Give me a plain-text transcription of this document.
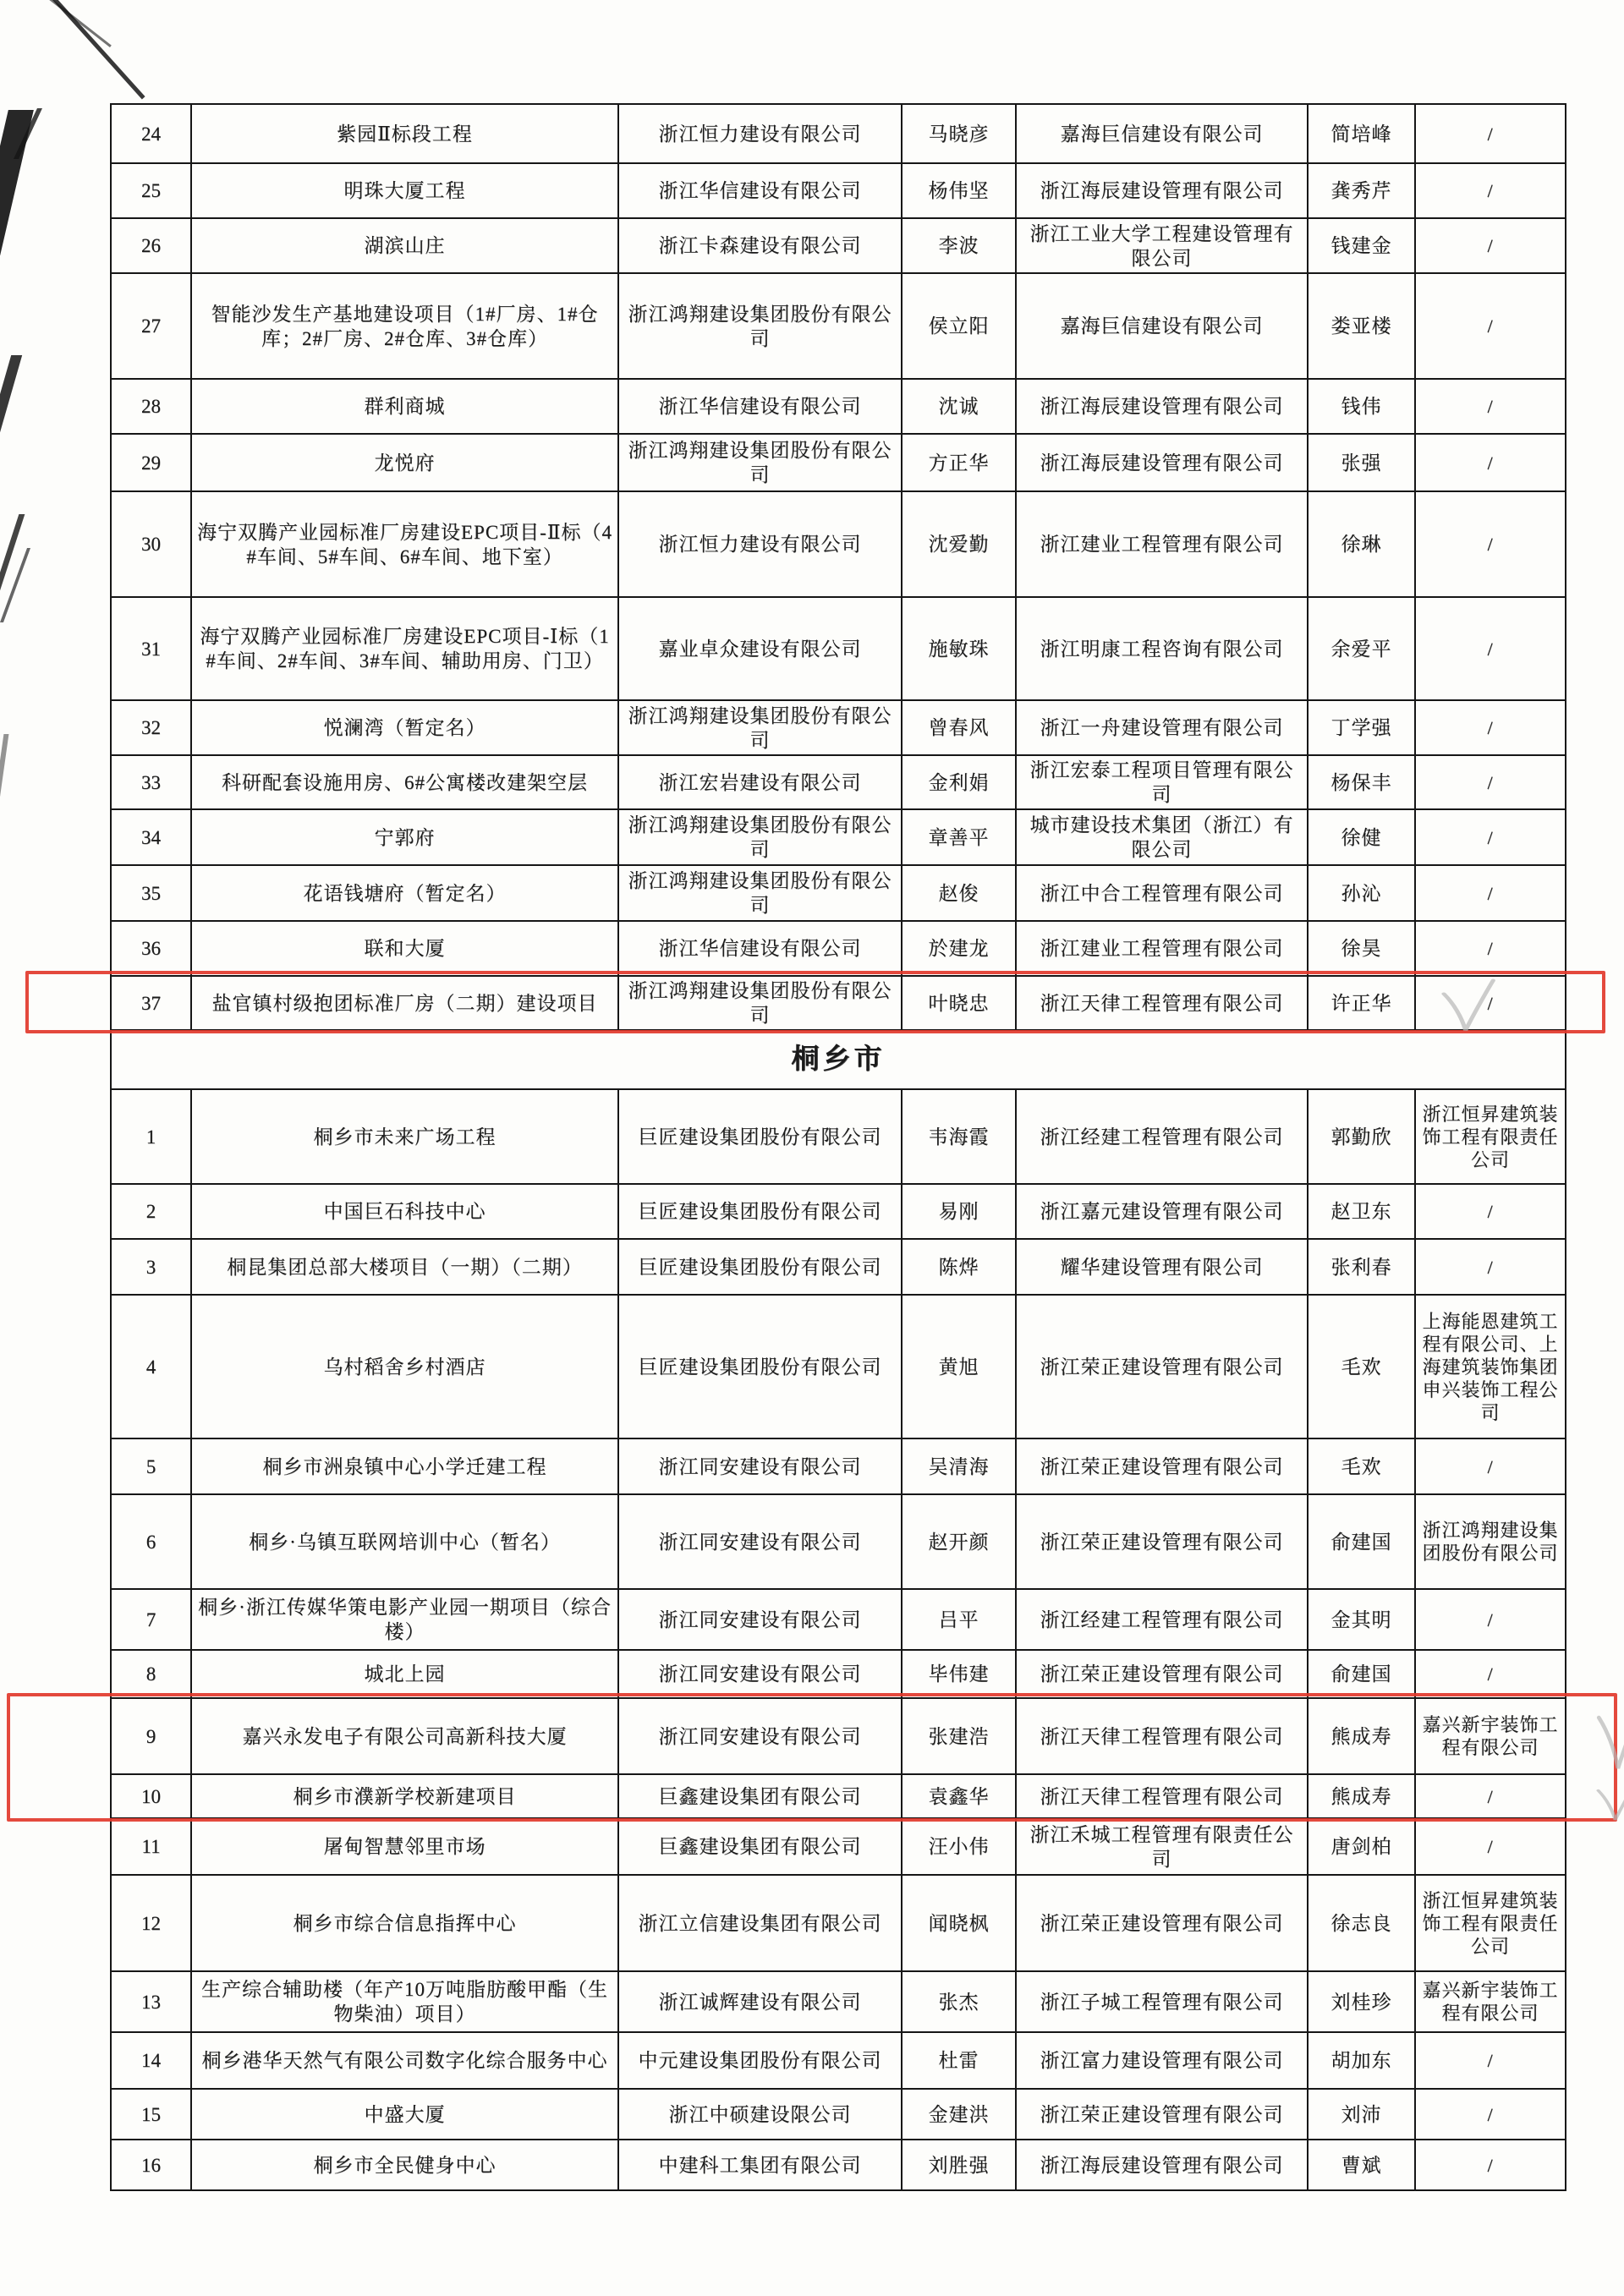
24	紫园Ⅱ标段工程	浙江恒力建设有限公司	马晓彦	嘉海巨信建设有限公司	简培峰	/
25	明珠大厦工程	浙江华信建设有限公司	杨伟坚	浙江海辰建设管理有限公司	龚秀芹	/
26	湖滨山庄	浙江卡森建设有限公司	李波	浙江工业大学工程建设管理有限公司	钱建金	/
27	智能沙发生产基地建设项目（1#厂房、1#仓库；2#厂房、2#仓库、3#仓库）	浙江鸿翔建设集团股份有限公司	侯立阳	嘉海巨信建设有限公司	娄亚楼	/
28	群利商城	浙江华信建设有限公司	沈诚	浙江海辰建设管理有限公司	钱伟	/
29	龙悦府	浙江鸿翔建设集团股份有限公司	方正华	浙江海辰建设管理有限公司	张强	/
30	海宁双腾产业园标准厂房建设EPC项目-Ⅱ标（4#车间、5#车间、6#车间、地下室）	浙江恒力建设有限公司	沈爱勤	浙江建业工程管理有限公司	徐琳	/
31	海宁双腾产业园标准厂房建设EPC项目-Ⅰ标（1#车间、2#车间、3#车间、辅助用房、门卫）	嘉业卓众建设有限公司	施敏珠	浙江明康工程咨询有限公司	余爱平	/
32	悦澜湾（暂定名）	浙江鸿翔建设集团股份有限公司	曾春风	浙江一舟建设管理有限公司	丁学强	/
33	科研配套设施用房、6#公寓楼改建架空层	浙江宏岩建设有限公司	金利娟	浙江宏泰工程项目管理有限公司	杨保丰	/
34	宁郭府	浙江鸿翔建设集团股份有限公司	章善平	城市建设技术集团（浙江）有限公司	徐健	/
35	花语钱塘府（暂定名）	浙江鸿翔建设集团股份有限公司	赵俊	浙江中合工程管理有限公司	孙沁	/
36	联和大厦	浙江华信建设有限公司	於建龙	浙江建业工程管理有限公司	徐昊	/
37	盐官镇村级抱团标准厂房（二期）建设项目	浙江鸿翔建设集团股份有限公司	叶晓忠	浙江天律工程管理有限公司	许正华	/
桐乡市						
1	桐乡市未来广场工程	巨匠建设集团股份有限公司	韦海霞	浙江经建工程管理有限公司	郭勤欣	浙江恒昇建筑装饰工程有限责任公司
2	中国巨石科技中心	巨匠建设集团股份有限公司	易刚	浙江嘉元建设管理有限公司	赵卫东	/
3	桐昆集团总部大楼项目（一期）（二期）	巨匠建设集团股份有限公司	陈烨	耀华建设管理有限公司	张利春	/
4	乌村稻舍乡村酒店	巨匠建设集团股份有限公司	黄旭	浙江荣正建设管理有限公司	毛欢	上海能恩建筑工程有限公司、上海建筑装饰集团申兴装饰工程公司
5	桐乡市洲泉镇中心小学迁建工程	浙江同安建设有限公司	吴清海	浙江荣正建设管理有限公司	毛欢	/
6	桐乡·乌镇互联网培训中心（暂名）	浙江同安建设有限公司	赵开颜	浙江荣正建设管理有限公司	俞建国	浙江鸿翔建设集团股份有限公司
7	桐乡·浙江传媒华策电影产业园一期项目（综合楼）	浙江同安建设有限公司	吕平	浙江经建工程管理有限公司	金其明	/
8	城北上园	浙江同安建设有限公司	毕伟建	浙江荣正建设管理有限公司	俞建国	/
9	嘉兴永发电子有限公司高新科技大厦	浙江同安建设有限公司	张建浩	浙江天律工程管理有限公司	熊成寿	嘉兴新宇装饰工程有限公司
10	桐乡市濮新学校新建项目	巨鑫建设集团有限公司	袁鑫华	浙江天律工程管理有限公司	熊成寿	/
11	屠甸智慧邻里市场	巨鑫建设集团有限公司	汪小伟	浙江禾城工程管理有限责任公司	唐剑柏	/
12	桐乡市综合信息指挥中心	浙江立信建设集团有限公司	闻晓枫	浙江荣正建设管理有限公司	徐志良	浙江恒昇建筑装饰工程有限责任公司
13	生产综合辅助楼（年产10万吨脂肪酸甲酯（生物柴油）项目）	浙江诚辉建设有限公司	张杰	浙江子城工程管理有限公司	刘桂珍	嘉兴新宇装饰工程有限公司
14	桐乡港华天然气有限公司数字化综合服务中心	中元建设集团股份有限公司	杜雷	浙江富力建设管理有限公司	胡加东	/
15	中盛大厦	浙江中硕建设限公司	金建洪	浙江荣正建设管理有限公司	刘沛	/
16	桐乡市全民健身中心	中建科工集团有限公司	刘胜强	浙江海辰建设管理有限公司	曹斌	/
